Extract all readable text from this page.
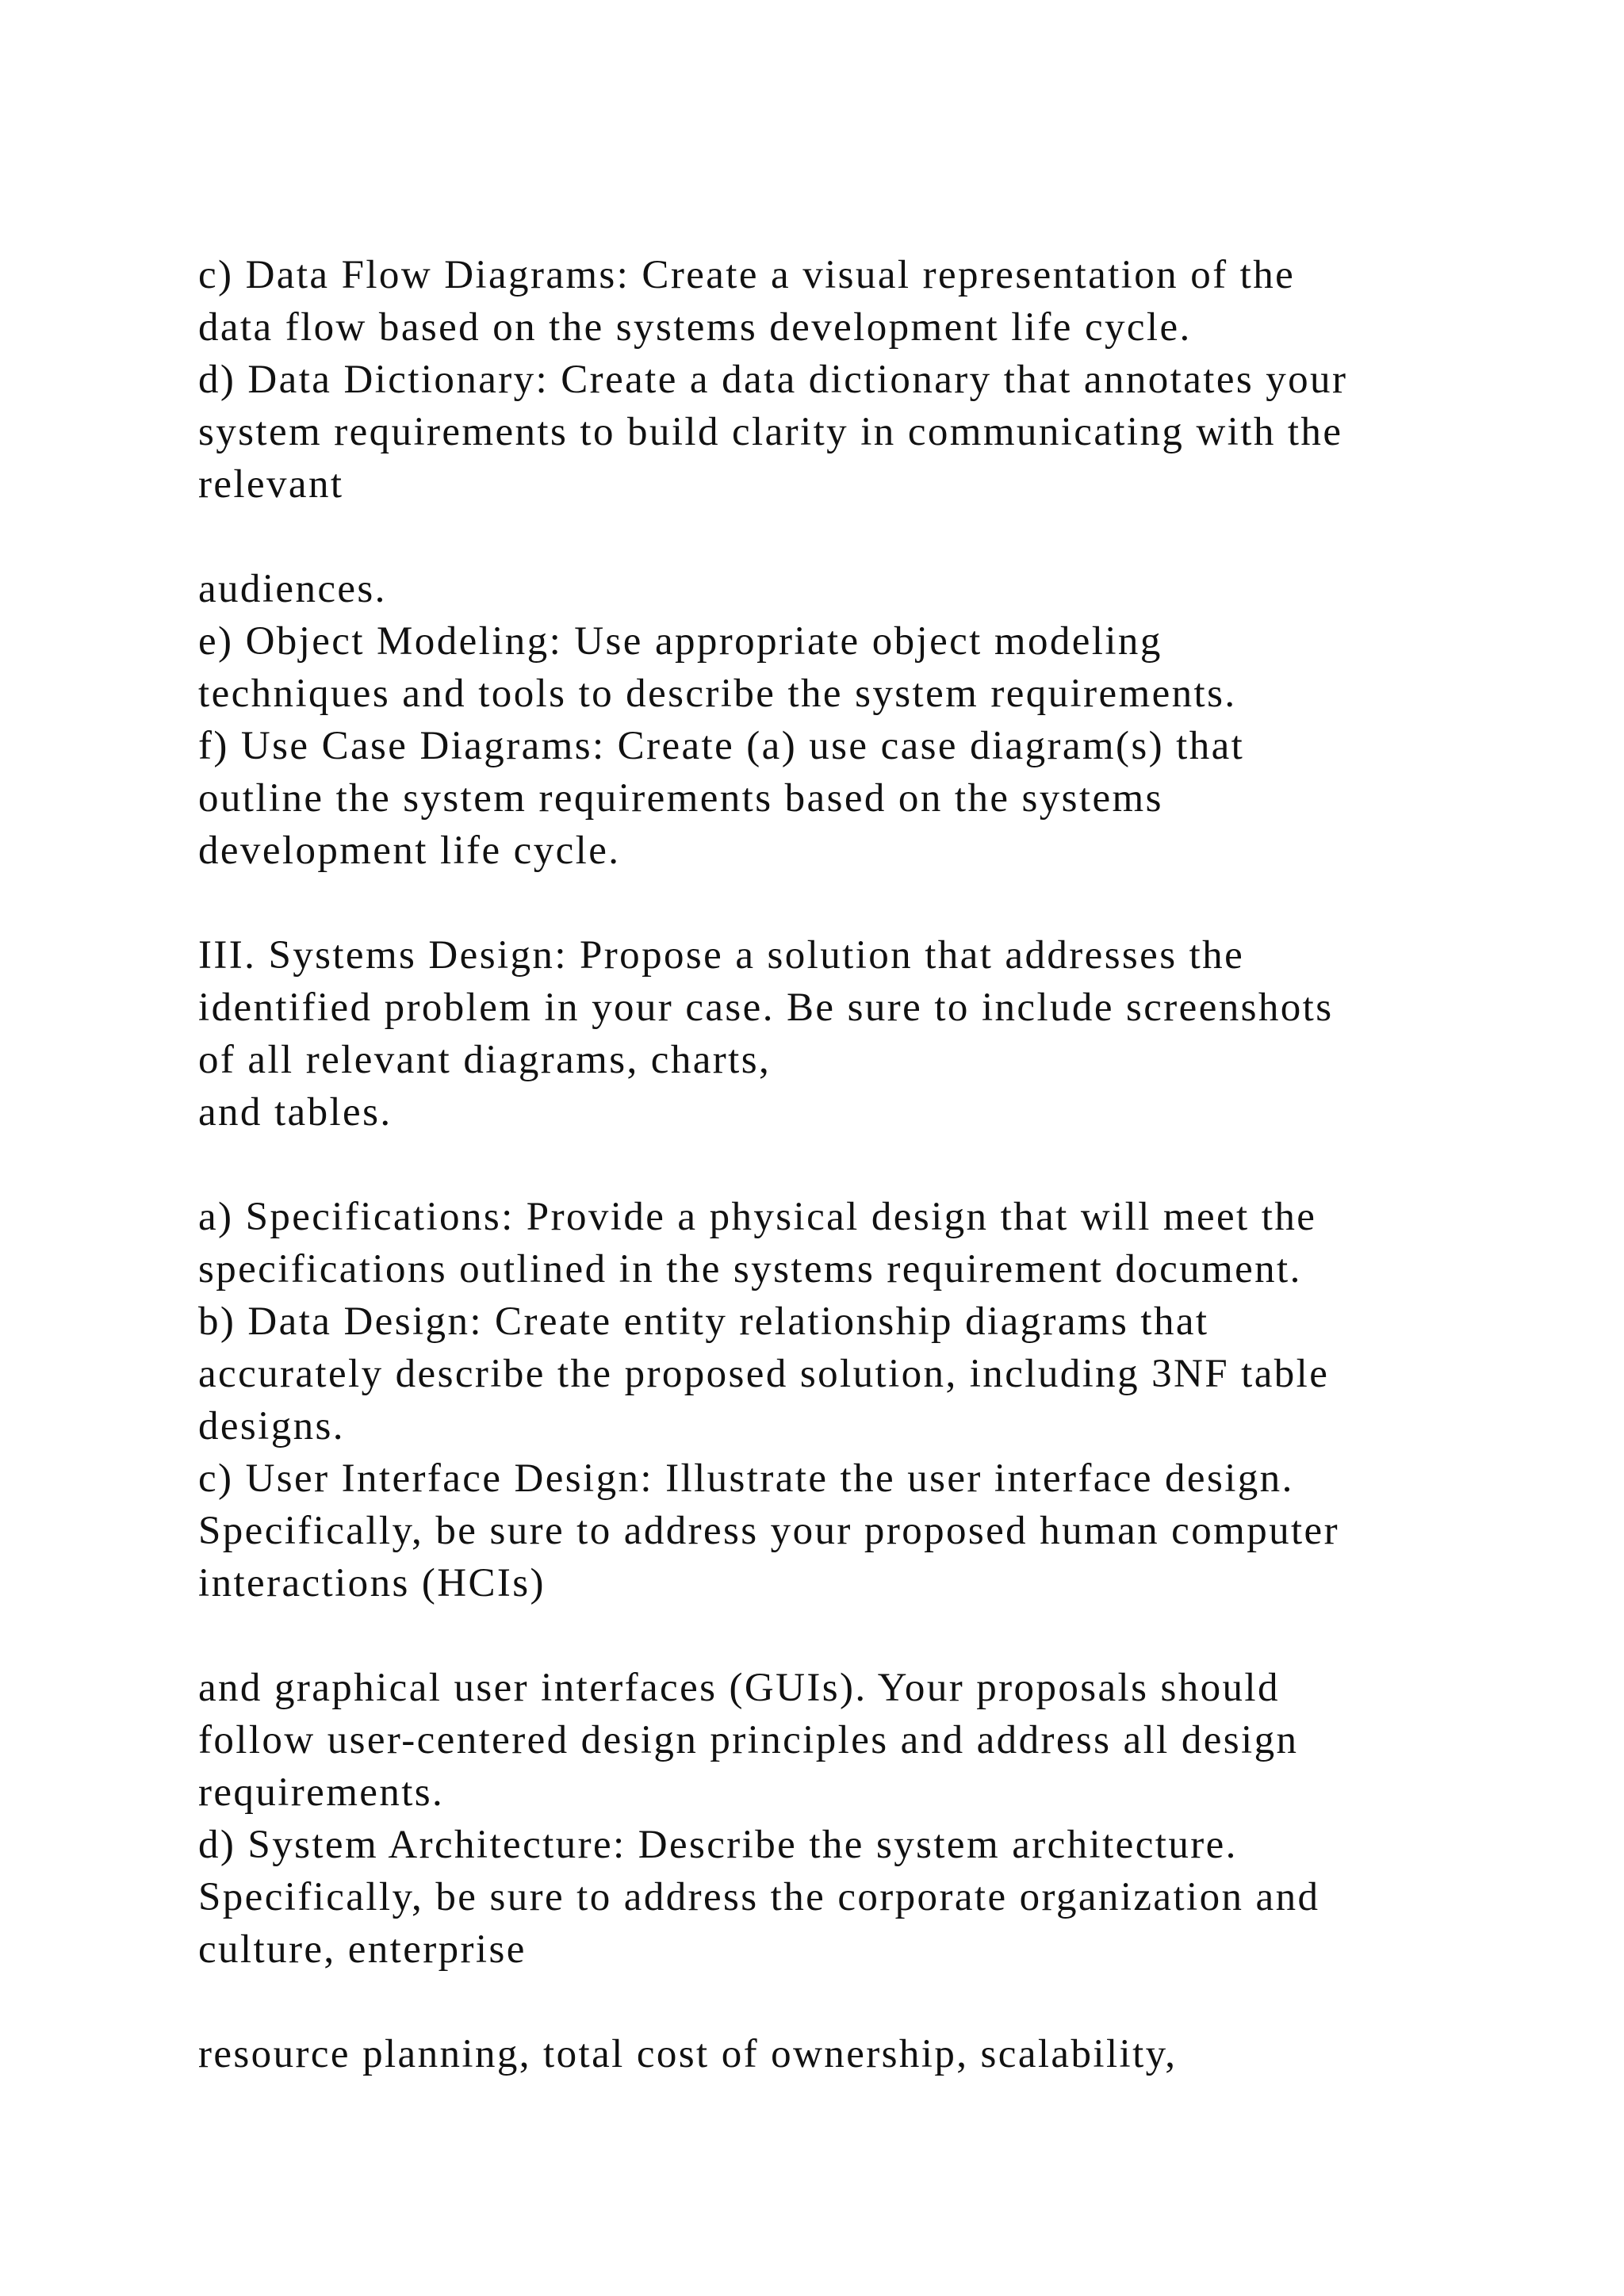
c) Data Flow Diagrams: Create a visual representation of the
data flow based on the systems development life cycle.
d) Data Dictionary: Create a data dictionary that annotates your
system requirements to build clarity in communicating with the
relevant
audiences.
e) Object Modeling: Use appropriate object modeling
techniques and tools to describe the system requirements.
f) Use Case Diagrams: Create (a) use case diagram(s) that
outline the system requirements based on the systems
development life cycle.
III. Systems Design: Propose a solution that addresses the
identified problem in your case. Be sure to include screenshots
of all relevant diagrams, charts,
and tables.
a) Specifications: Provide a physical design that will meet the
specifications outlined in the systems requirement document.
b) Data Design: Create entity relationship diagrams that
accurately describe the proposed solution, including 3NF table
designs.
c) User Interface Design: Illustrate the user interface design.
Specifically, be sure to address your proposed human computer
interactions (HCIs)
and graphical user interfaces (GUIs). Your proposals should
follow user-centered design principles and address all design
requirements.
d) System Architecture: Describe the system architecture.
Specifically, be sure to address the corporate organization and
culture, enterprise
resource planning, total cost of ownership, scalability,
